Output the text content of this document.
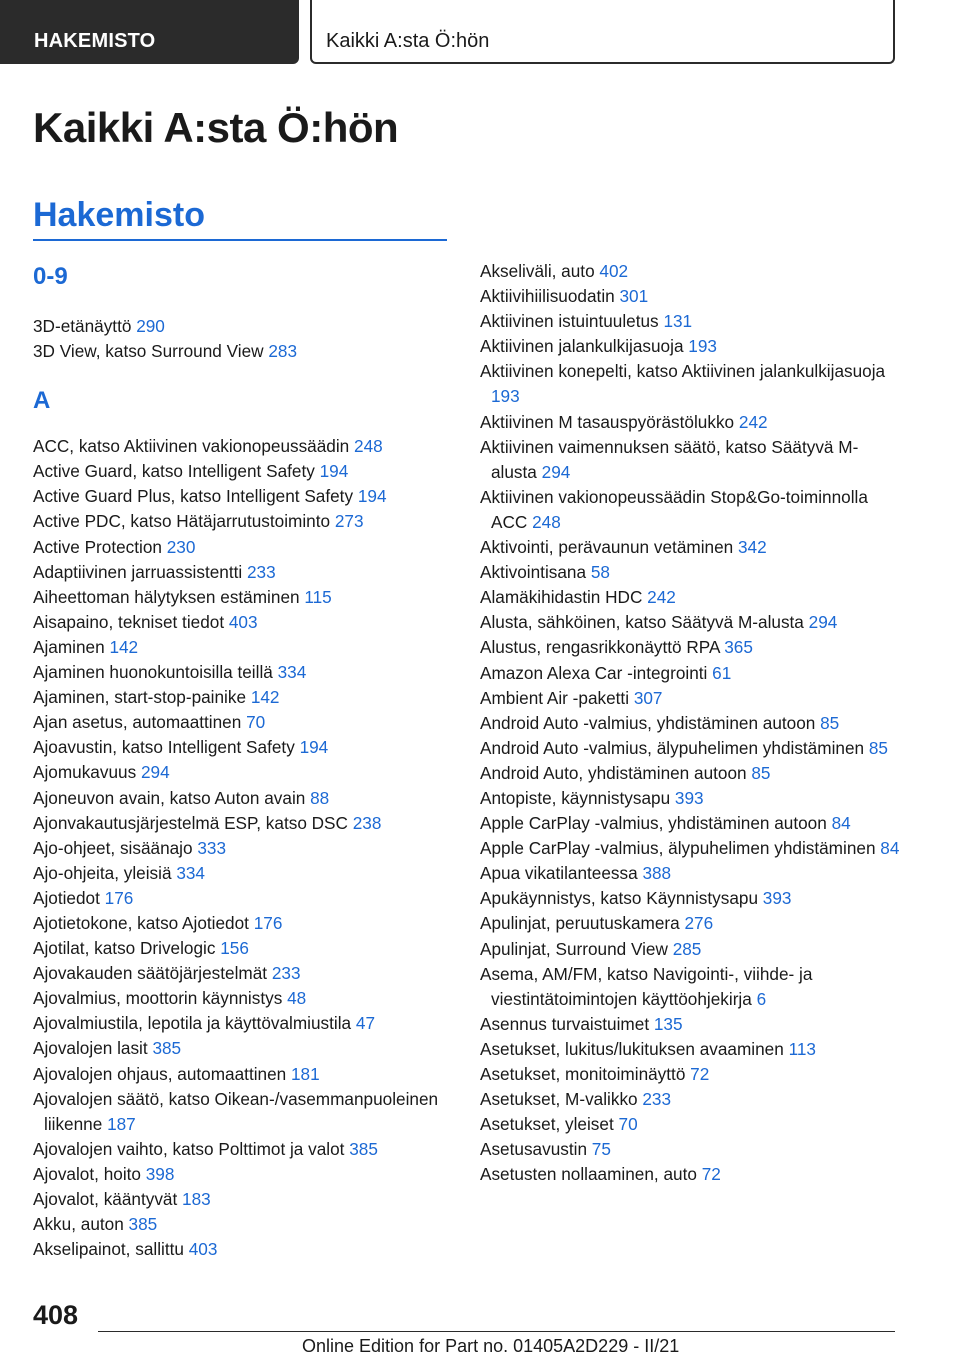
HAKEMISTO	Kaikki A:sta Ö:hön
Kaikki A:sta Ö:hön
Hakemisto
0-9
3D-etänäyttö 290
3D View, katso Surround View 283
A
ACC, katso Aktiivinen vakionopeussäädin 248
Active Guard, katso Intelligent Safety 194
Active Guard Plus, katso Intelligent Safety 194
Active PDC, katso Hätäjarrutustoiminto 273
Active Protection 230
Adaptiivinen jarruassistentti 233
Aiheettoman hälytyksen estäminen 115
Aisapaino, tekniset tiedot 403
Ajaminen 142
Ajaminen huonokuntoisilla teillä 334
Ajaminen, start-stop-painike 142
Ajan asetus, automaattinen 70
Ajoavustin, katso Intelligent Safety 194
Ajomukavuus 294
Ajoneuvon avain, katso Auton avain 88
Ajonvakautusjärjestelmä ESP, katso DSC 238
Ajo-ohjeet, sisäänajo 333
Ajo-ohjeita, yleisiä 334
Ajotiedot 176
Ajotietokone, katso Ajotiedot 176
Ajotilat, katso Drivelogic 156
Ajovakauden säätöjärjestelmät 233
Ajovalmius, moottorin käynnistys 48
Ajovalmiustila, lepotila ja käyttövalmiustila 47
Ajovalojen lasit 385
Ajovalojen ohjaus, automaattinen 181
Ajovalojen säätö, katso Oikean-/vasemmanpuoleinen liikenne 187
Ajovalojen vaihto, katso Polttimot ja valot 385
Ajovalot, hoito 398
Ajovalot, kääntyvät 183
Akku, auton 385
Akselipainot, sallittu 403
Akseliväli, auto 402
Aktiivihiilisuodatin 301
Aktiivinen istuintuuletus 131
Aktiivinen jalankulkijasuoja 193
Aktiivinen konepelti, katso Aktiivinen jalankulkijasuoja 193
Aktiivinen M tasauspyörästölukko 242
Aktiivinen vaimennuksen säätö, katso Säätyvä M-alusta 294
Aktiivinen vakionopeussäädin Stop&Go-toiminnolla ACC 248
Aktivointi, perävaunun vetäminen 342
Aktivointisana 58
Alamäkihidastin HDC 242
Alusta, sähköinen, katso Säätyvä M-alusta 294
Alustus, rengasrikkonäyttö RPA 365
Amazon Alexa Car -integrointi 61
Ambient Air -paketti 307
Android Auto -valmius, yhdistäminen autoon 85
Android Auto -valmius, älypuhelimen yhdistäminen 85
Android Auto, yhdistäminen autoon 85
Antopiste, käynnistysapu 393
Apple CarPlay -valmius, yhdistäminen autoon 84
Apple CarPlay -valmius, älypuhelimen yhdistäminen 84
Apua vikatilanteessa 388
Apukäynnistys, katso Käynnistysapu 393
Apulinjat, peruutuskamera 276
Apulinjat, Surround View 285
Asema, AM/FM, katso Navigointi-, viihde- ja viestintätoimintojen käyttöohjekirja 6
Asennus turvaistuimet 135
Asetukset, lukitus/lukituksen avaaminen 113
Asetukset, monitoiminäyttö 72
Asetukset, M-valikko 233
Asetukset, yleiset 70
Asetusavustin 75
Asetusten nollaaminen, auto 72
408
Online Edition for Part no. 01405A2D229 - II/21
